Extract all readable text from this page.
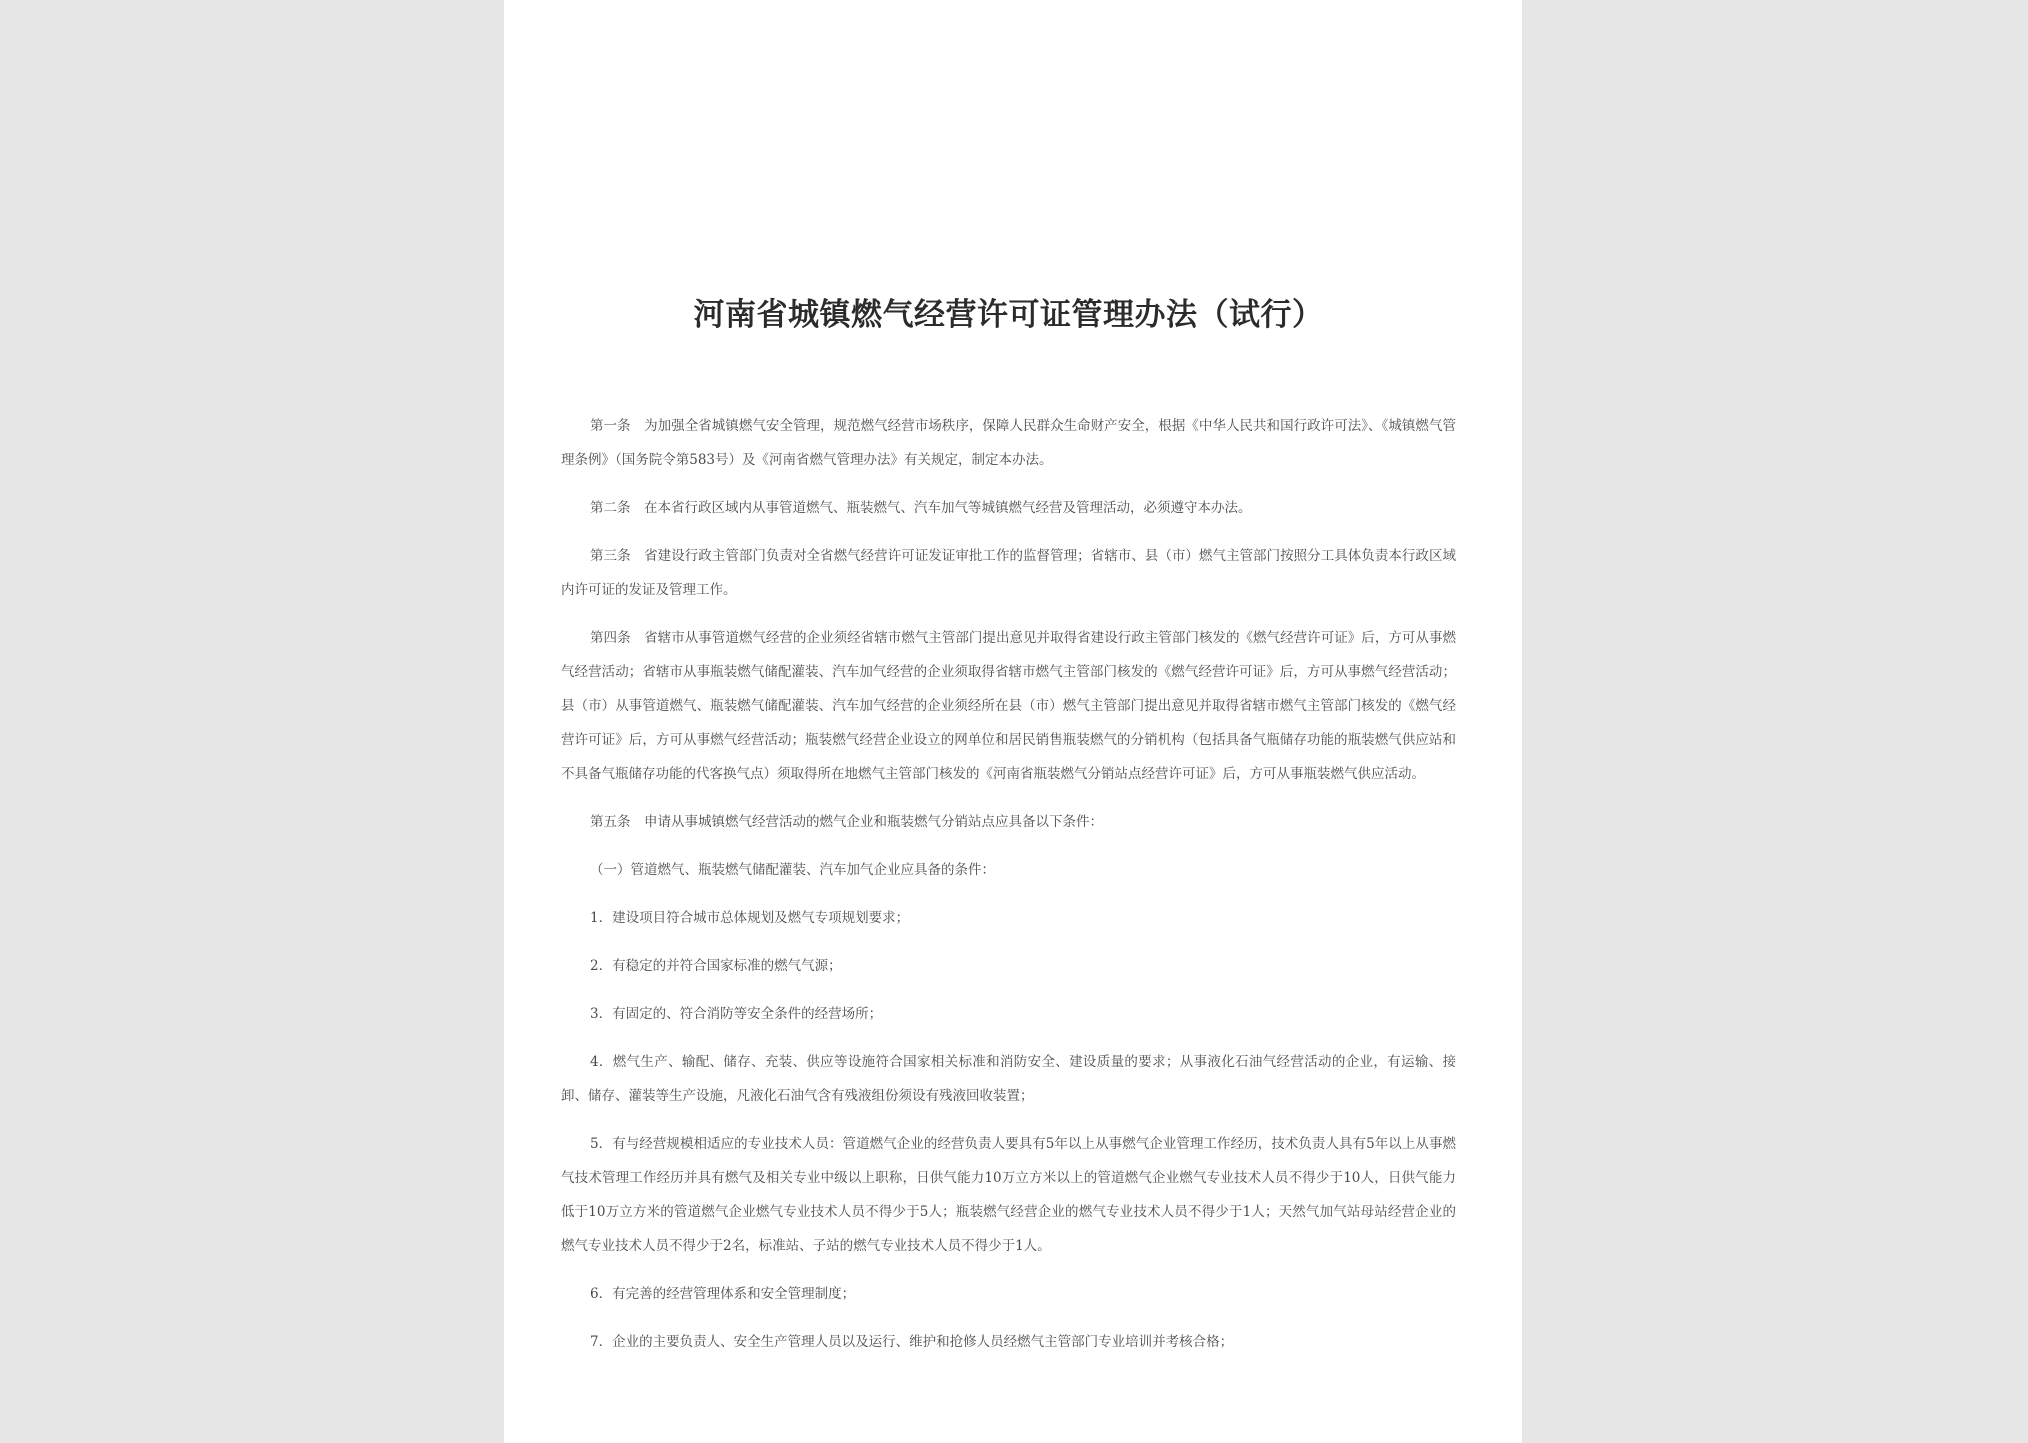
河南省城镇燃气经营许可证管理办法（试行）

第一条　为加强全省城镇燃气安全管理，规范燃气经营市场秩序，保障人民群众生命财产安全，根据《中华人民共和国行政许可法》、《城镇燃气管理条例》（国务院令第583号）及《河南省燃气管理办法》有关规定，制定本办法。

第二条　在本省行政区域内从事管道燃气、瓶装燃气、汽车加气等城镇燃气经营及管理活动，必须遵守本办法。

第三条　省建设行政主管部门负责对全省燃气经营许可证发证审批工作的监督管理；省辖市、县（市）燃气主管部门按照分工具体负责本行政区域内许可证的发证及管理工作。

第四条　省辖市从事管道燃气经营的企业须经省辖市燃气主管部门提出意见并取得省建设行政主管部门核发的《燃气经营许可证》后，方可从事燃气经营活动；省辖市从事瓶装燃气储配灌装、汽车加气经营的企业须取得省辖市燃气主管部门核发的《燃气经营许可证》后，方可从事燃气经营活动；县（市）从事管道燃气、瓶装燃气储配灌装、汽车加气经营的企业须经所在县（市）燃气主管部门提出意见并取得省辖市燃气主管部门核发的《燃气经营许可证》后，方可从事燃气经营活动；瓶装燃气经营企业设立的网单位和居民销售瓶装燃气的分销机构（包括具备气瓶储存功能的瓶装燃气供应站和不具备气瓶储存功能的代客换气点）须取得所在地燃气主管部门核发的《河南省瓶装燃气分销站点经营许可证》后，方可从事瓶装燃气供应活动。

第五条　申请从事城镇燃气经营活动的燃气企业和瓶装燃气分销站点应具备以下条件：

（一）管道燃气、瓶装燃气储配灌装、汽车加气企业应具备的条件：

1．建设项目符合城市总体规划及燃气专项规划要求；

2．有稳定的并符合国家标准的燃气气源；

3．有固定的、符合消防等安全条件的经营场所；

4．燃气生产、输配、储存、充装、供应等设施符合国家相关标准和消防安全、建设质量的要求；从事液化石油气经营活动的企业，有运输、接卸、储存、灌装等生产设施，凡液化石油气含有残液组份须设有残液回收装置；

5．有与经营规模相适应的专业技术人员：管道燃气企业的经营负责人要具有5年以上从事燃气企业管理工作经历，技术负责人具有5年以上从事燃气技术管理工作经历并具有燃气及相关专业中级以上职称，日供气能力10万立方米以上的管道燃气企业燃气专业技术人员不得少于10人，日供气能力低于10万立方米的管道燃气企业燃气专业技术人员不得少于5人；瓶装燃气经营企业的燃气专业技术人员不得少于1人；天然气加气站母站经营企业的燃气专业技术人员不得少于2名，标准站、子站的燃气专业技术人员不得少于1人。

6．有完善的经营管理体系和安全管理制度；

7．企业的主要负责人、安全生产管理人员以及运行、维护和抢修人员经燃气主管部门专业培训并考核合格；
